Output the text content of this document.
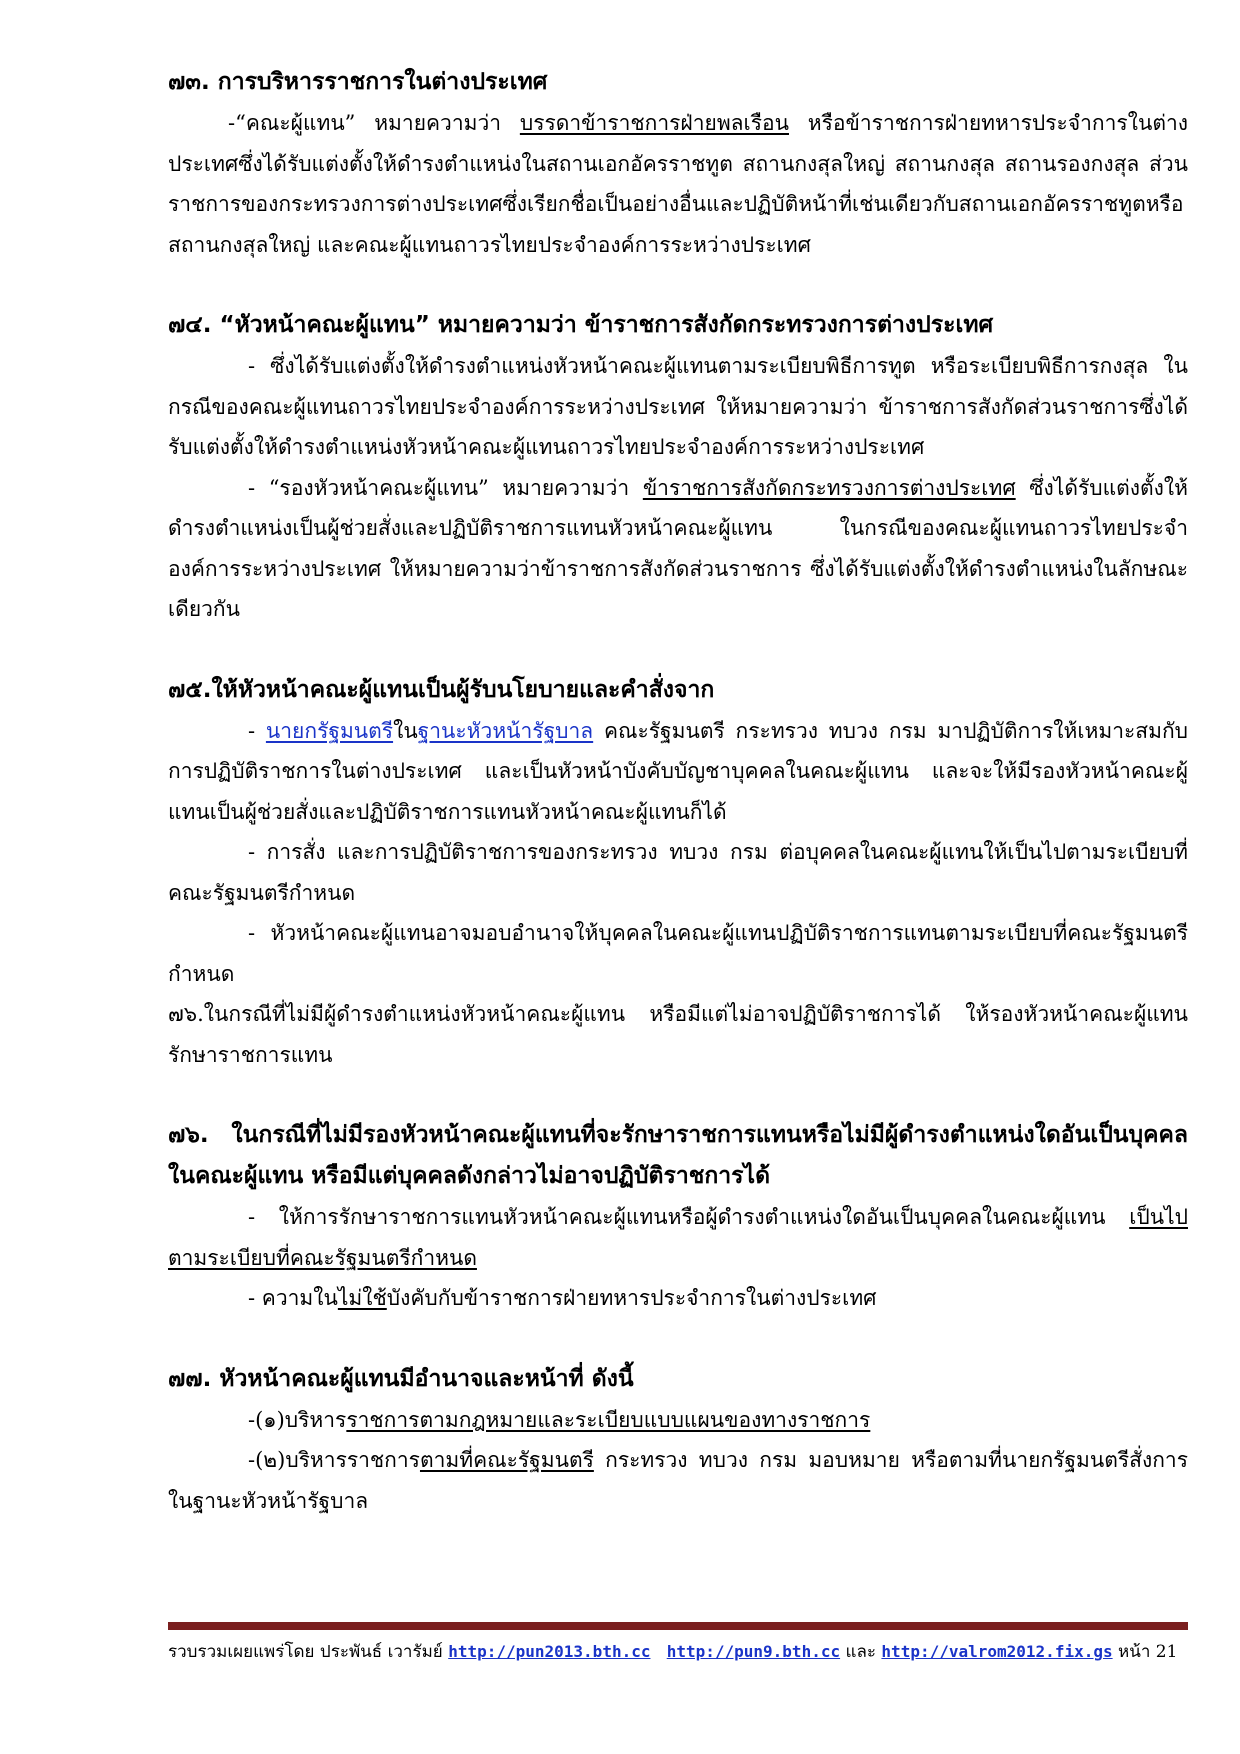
๗๓. การบริหารราชการในต่างประเทศ

-“คณะผู้แทน” หมายความว่า บรรดาข้าราชการฝ่ายพลเรือน หรือข้าราชการฝ่ายทหารประจำการในต่างประเทศซึ่งได้รับแต่งตั้งให้ดำรงตำแหน่งในสถานเอกอัครราชทูต สถานกงสุลใหญ่ สถานกงสุล สถานรองกงสุล ส่วนราชการของกระทรวงการต่างประเทศซึ่งเรียกชื่อเป็นอย่างอื่นและปฏิบัติหน้าที่เช่นเดียวกับสถานเอกอัครราชทูตหรือสถานกงสุลใหญ่ และคณะผู้แทนถาวรไทยประจำองค์การระหว่างประเทศ

๗๔. “หัวหน้าคณะผู้แทน” หมายความว่า ข้าราชการสังกัดกระทรวงการต่างประเทศ

- ซึ่งได้รับแต่งตั้งให้ดำรงตำแหน่งหัวหน้าคณะผู้แทนตามระเบียบพิธีการทูต หรือระเบียบพิธีการกงสุล ในกรณีของคณะผู้แทนถาวรไทยประจำองค์การระหว่างประเทศ ให้หมายความว่า ข้าราชการสังกัดส่วนราชการซึ่งได้รับแต่งตั้งให้ดำรงตำแหน่งหัวหน้าคณะผู้แทนถาวรไทยประจำองค์การระหว่างประเทศ

- “รองหัวหน้าคณะผู้แทน” หมายความว่า ข้าราชการสังกัดกระทรวงการต่างประเทศ ซึ่งได้รับแต่งตั้งให้ดำรงตำแหน่งเป็นผู้ช่วยสั่งและปฏิบัติราชการแทนหัวหน้าคณะผู้แทน ในกรณีของคณะผู้แทนถาวรไทยประจำองค์การระหว่างประเทศ ให้หมายความว่าข้าราชการสังกัดส่วนราชการ ซึ่งได้รับแต่งตั้งให้ดำรงตำแหน่งในลักษณะเดียวกัน

๗๕.ให้หัวหน้าคณะผู้แทนเป็นผู้รับนโยบายและคำสั่งจาก

- นายกรัฐมนตรีในฐานะหัวหน้ารัฐบาล คณะรัฐมนตรี กระทรวง ทบวง กรม มาปฏิบัติการให้เหมาะสมกับการปฏิบัติราชการในต่างประเทศ และเป็นหัวหน้าบังคับบัญชาบุคคลในคณะผู้แทน และจะให้มีรองหัวหน้าคณะผู้แทนเป็นผู้ช่วยสั่งและปฏิบัติราชการแทนหัวหน้าคณะผู้แทนก็ได้

- การสั่ง และการปฏิบัติราชการของกระทรวง ทบวง กรม ต่อบุคคลในคณะผู้แทนให้เป็นไปตามระเบียบที่คณะรัฐมนตรีกำหนด

- หัวหน้าคณะผู้แทนอาจมอบอำนาจให้บุคคลในคณะผู้แทนปฏิบัติราชการแทนตามระเบียบที่คณะรัฐมนตรีกำหนด

๗๖.ในกรณีที่ไม่มีผู้ดำรงตำแหน่งหัวหน้าคณะผู้แทน หรือมีแต่ไม่อาจปฏิบัติราชการได้ ให้รองหัวหน้าคณะผู้แทนรักษาราชการแทน

๗๖. ในกรณีที่ไม่มีรองหัวหน้าคณะผู้แทนที่จะรักษาราชการแทนหรือไม่มีผู้ดำรงตำแหน่งใดอันเป็นบุคคลในคณะผู้แทน หรือมีแต่บุคคลดังกล่าวไม่อาจปฏิบัติราชการได้

- ให้การรักษาราชการแทนหัวหน้าคณะผู้แทนหรือผู้ดำรงตำแหน่งใดอันเป็นบุคคลในคณะผู้แทน เป็นไปตามระเบียบที่คณะรัฐมนตรีกำหนด

- ความในไม่ใช้บังคับกับข้าราชการฝ่ายทหารประจำการในต่างประเทศ

๗๗. หัวหน้าคณะผู้แทนมีอำนาจและหน้าที่ ดังนี้

-(๑)บริหารราชการตามกฎหมายและระเบียบแบบแผนของทางราชการ

-(๒)บริหารราชการตามที่คณะรัฐมนตรี กระทรวง ทบวง กรม มอบหมาย หรือตามที่นายกรัฐมนตรีสั่งการในฐานะหัวหน้ารัฐบาล

รวบรวมเผยแพร่โดย ประพันธ์ เวารัมย์ http://pun2013.bth.cc http://pun9.bth.cc และ http://valrom2012.fix.gs หน้า 21
